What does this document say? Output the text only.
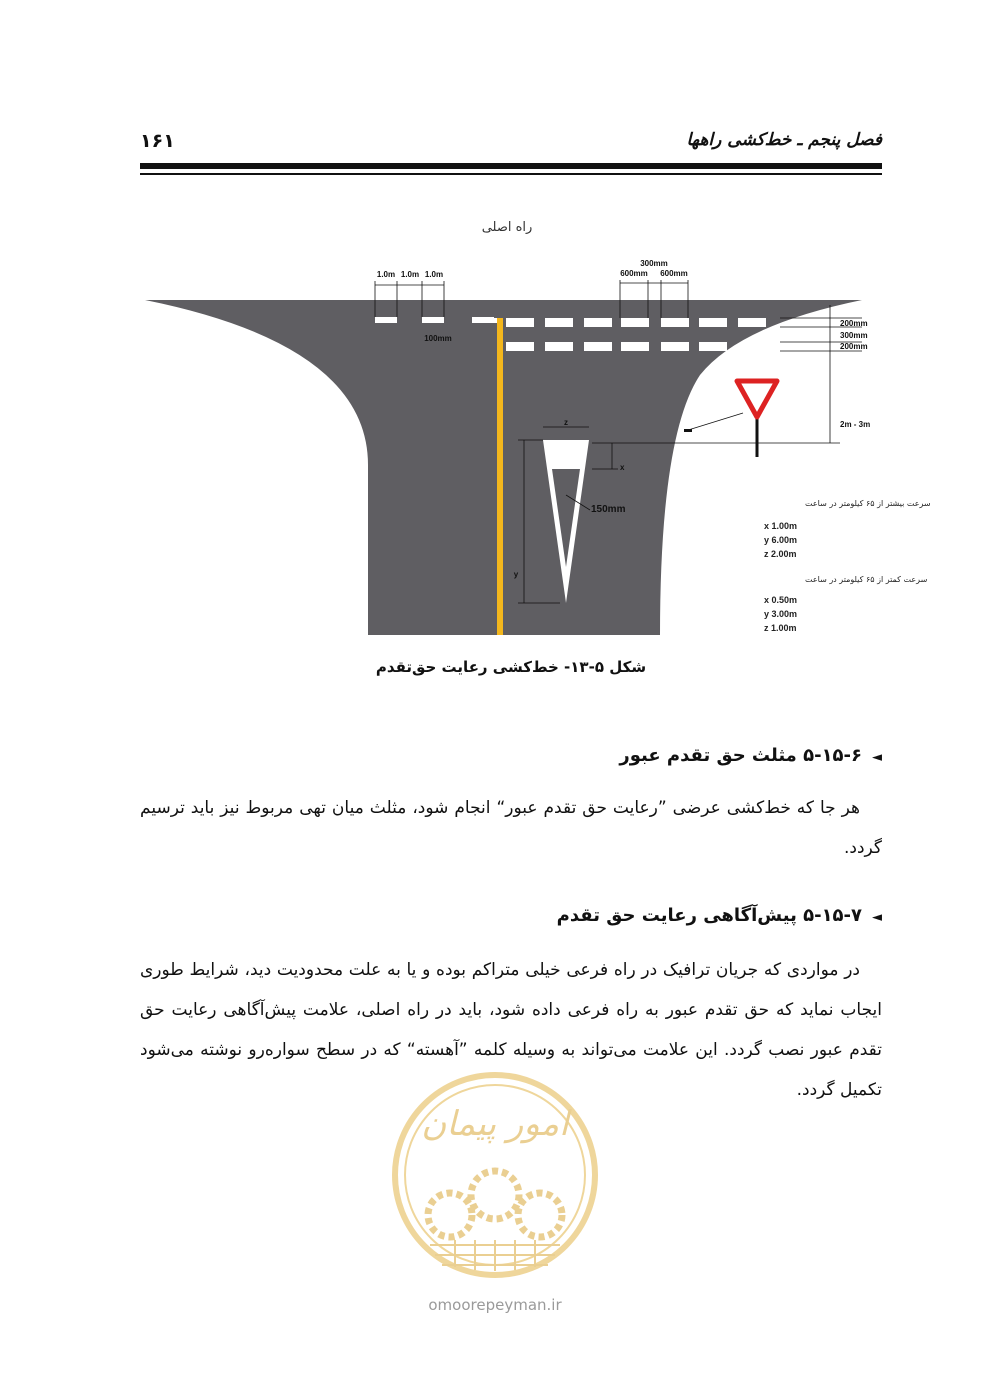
۱۶۱	فصل پنجم ـ خط‌کشی راهها
راه اصلی
1.0m 1.0m 1.0m
100mm
300mm
600mm 600mm
200mm
300mm
200mm
2m - 3m
z
x
y
150mm
سرعت بیشتر از ۶۵ کیلومتر در ساعت
x 1.00m
y 6.00m
z 2.00m
سرعت کمتر از ۶۵ کیلومتر در ساعت
x 0.50m
y 3.00m
z 1.00m
شکل ۵-۱۳- خط‌کشی رعایت حق‌تقدم
◄۵-۱۵-۶ مثلث حق تقدم عبور
هر جا که خط‌کشی عرضی ”رعایت حق تقدم عبور“ انجام شود، مثلث میان تهی مربوط نیز باید ترسیم گردد.
◄۵-۱۵-۷ پیش‌آگاهی رعایت حق تقدم
در مواردی که جریان ترافیک در راه فرعی خیلی متراکم بوده و یا به علت محدودیت دید، شرایط طوری ایجاب نماید که حق تقدم عبور به راه فرعی داده شود، باید در راه اصلی، علامت پیش‌آگاهی رعایت حق تقدم عبور نصب گردد. این علامت می‌تواند به وسیله کلمه ”آهسته“ که در سطح سواره‌رو نوشته می‌شود تکمیل گردد.
امور پیمان
omoorepeyman.ir
